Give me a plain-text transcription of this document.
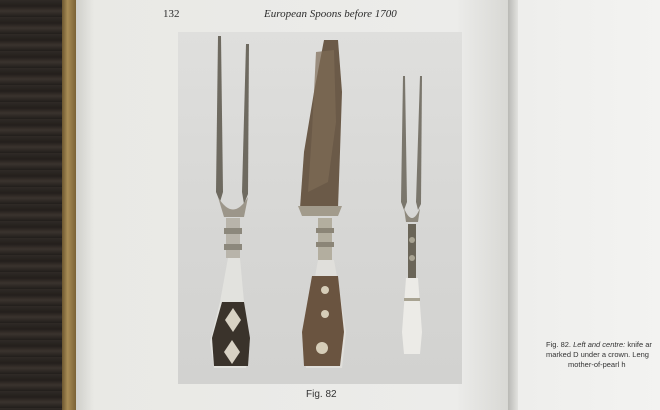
132	European Spoons before 1700
Fig. 82
Fig. 82. Left and centre: knife ar
marked D under a crown. Leng
mother-of-pearl h
